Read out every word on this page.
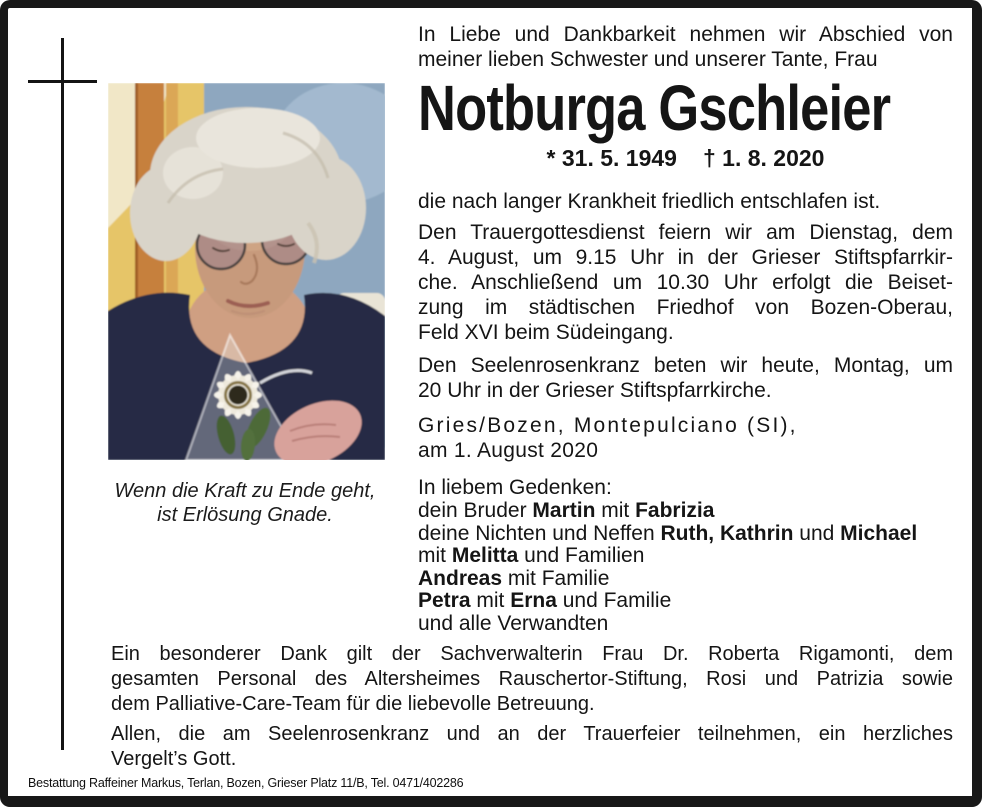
Wenn die Kraft zu Ende geht,
ist Erlösung Gnade.
In Liebe und Dankbarkeit nehmen wir Abschied von
meiner lieben Schwester und unserer Tante, Frau
Notburga Gschleier
* 31. 5. 1949 † 1. 8. 2020
die nach langer Krankheit friedlich entschlafen ist.
Den Trauergottesdienst feiern wir am Dienstag, dem
4. August, um 9.15 Uhr in der Grieser Stiftspfarrkir-
che. Anschließend um 10.30 Uhr erfolgt die Beiset-
zung im städtischen Friedhof von Bozen-Oberau,
Feld XVI beim Südeingang.
Den Seelenrosenkranz beten wir heute, Montag, um
20 Uhr in der Grieser Stiftspfarrkirche.
Gries/Bozen, Montepulciano (SI),
am 1. August 2020
In liebem Gedenken:
dein Bruder Martin mit Fabrizia
deine Nichten und Neffen Ruth, Kathrin und Michael
mit Melitta und Familien
Andreas mit Familie
Petra mit Erna und Familie
und alle Verwandten
Ein besonderer Dank gilt der Sachverwalterin Frau Dr. Roberta Rigamonti, dem
gesamten Personal des Altersheimes Rauschertor-Stiftung, Rosi und Patrizia sowie
dem Palliative-Care-Team für die liebevolle Betreuung.
Allen, die am Seelenrosenkranz und an der Trauerfeier teilnehmen, ein herzliches
Vergelt’s Gott.
Bestattung Raffeiner Markus, Terlan, Bozen, Grieser Platz 11/B, Tel. 0471/402286
